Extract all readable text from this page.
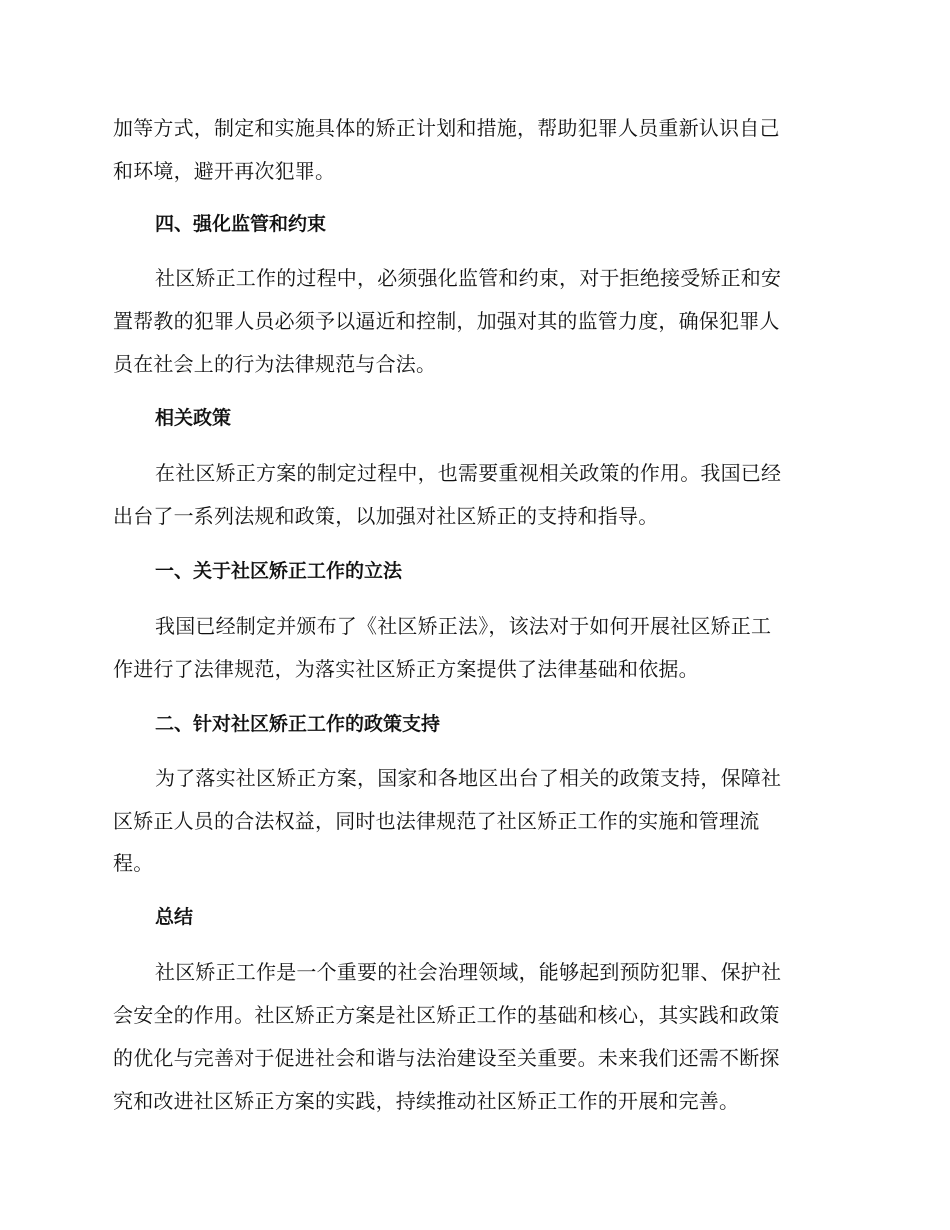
加等方式，制定和实施具体的矫正计划和措施，帮助犯罪人员重新认识自己
和环境，避开再次犯罪。
四、强化监管和约束
社区矫正工作的过程中，必须强化监管和约束，对于拒绝接受矫正和安
置帮教的犯罪人员必须予以逼近和控制，加强对其的监管力度，确保犯罪人
员在社会上的行为法律规范与合法。
相关政策
在社区矫正方案的制定过程中，也需要重视相关政策的作用。我国已经
出台了一系列法规和政策，以加强对社区矫正的支持和指导。
一、关于社区矫正工作的立法
我国已经制定并颁布了《社区矫正法》，该法对于如何开展社区矫正工
作进行了法律规范，为落实社区矫正方案提供了法律基础和依据。
二、针对社区矫正工作的政策支持
为了落实社区矫正方案，国家和各地区出台了相关的政策支持，保障社
区矫正人员的合法权益，同时也法律规范了社区矫正工作的实施和管理流
程。
总结
社区矫正工作是一个重要的社会治理领域，能够起到预防犯罪、保护社
会安全的作用。社区矫正方案是社区矫正工作的基础和核心，其实践和政策
的优化与完善对于促进社会和谐与法治建设至关重要。未来我们还需不断探
究和改进社区矫正方案的实践，持续推动社区矫正工作的开展和完善。
